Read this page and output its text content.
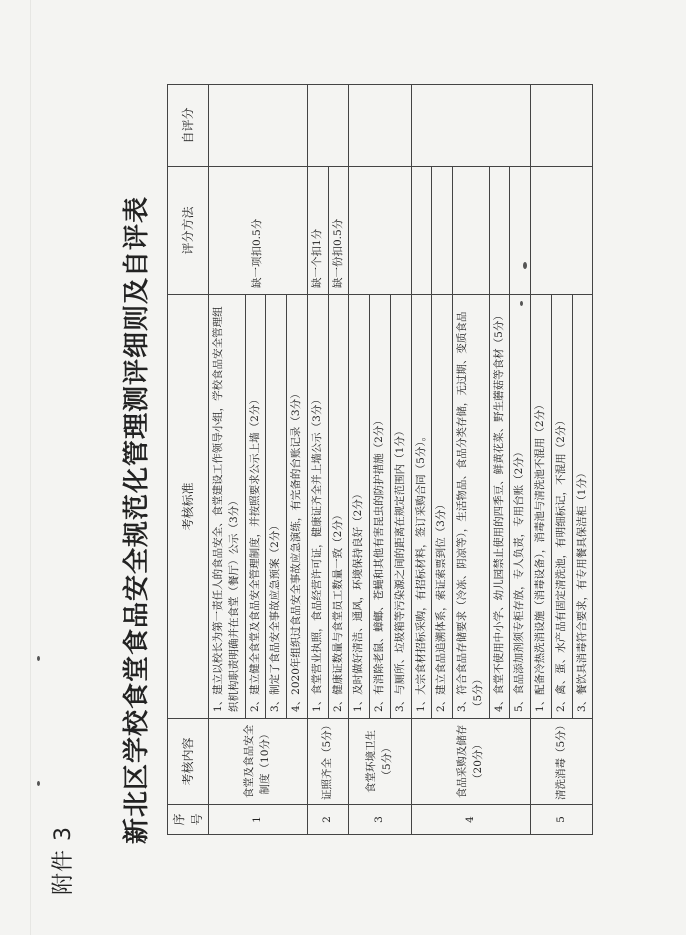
附件 3
新北区学校食堂食品安全规范化管理测评细则及自评表 序号	考核内容	考核标准	评分方法	自评分
1	食堂及食品安全制度（10分）	1、建立以校长为第一责任人的食品安全、食堂建设工作领导小组，学校食品安全管理组织机构职责明确并在食堂（餐厅）公示（3分）	缺一项扣0.5分	
		2、建立健全食堂及食品安全管理制度，并按照要求公示上墙（2分）		
		3、制定了食品安全事故应急预案（2分）		
		4、2020年组织过食品安全事故应急演练，有完备的台账记录（3分）		
2	证照齐全（5分）	1、食堂营业执照，食品经营许可证，健康证齐全并上墙公示（3分）	缺一个扣1分	
		2、健康证数量与食堂员工数量一致（2分）	缺一份扣0.5分	
3	食堂环境卫生（5分）	1、及时做好清洁、通风，环境保持良好（2分）		
		2、有消除老鼠、蟑螂、苍蝇和其他有害昆虫的防护措施（2分）		
		3、与厕所、垃圾箱等污染源之间的距离在规定范围内（1分）		
4	食品采购及储存（20分）	1、大宗食材招标采购，有招标材料，签订采购合同（5分）。		
		2、建立食品追溯体系，索证索票到位（3分）		
		3、符合食品存储要求（冷冻、阴凉等），生活物品、食品分类存储，无过期、变质食品（5分）		
		4、食堂不使用中小学、幼儿园禁止使用的四季豆、鲜黄花菜、野生蘑菇等食材（5分）		
		5、食品添加剂须专柜存放，专人负责，专用台账（2分）		
5	清洗消毒（5分）	1、配备冷热洗消设施（消毒设备），消毒池与清洗池不混用（2分）		
		2、禽、蛋、水产品有固定清洗池，有明细标记，不混用（2分）		
		3、餐饮具消毒符合要求，有专用餐具保洁柜（1分）		
